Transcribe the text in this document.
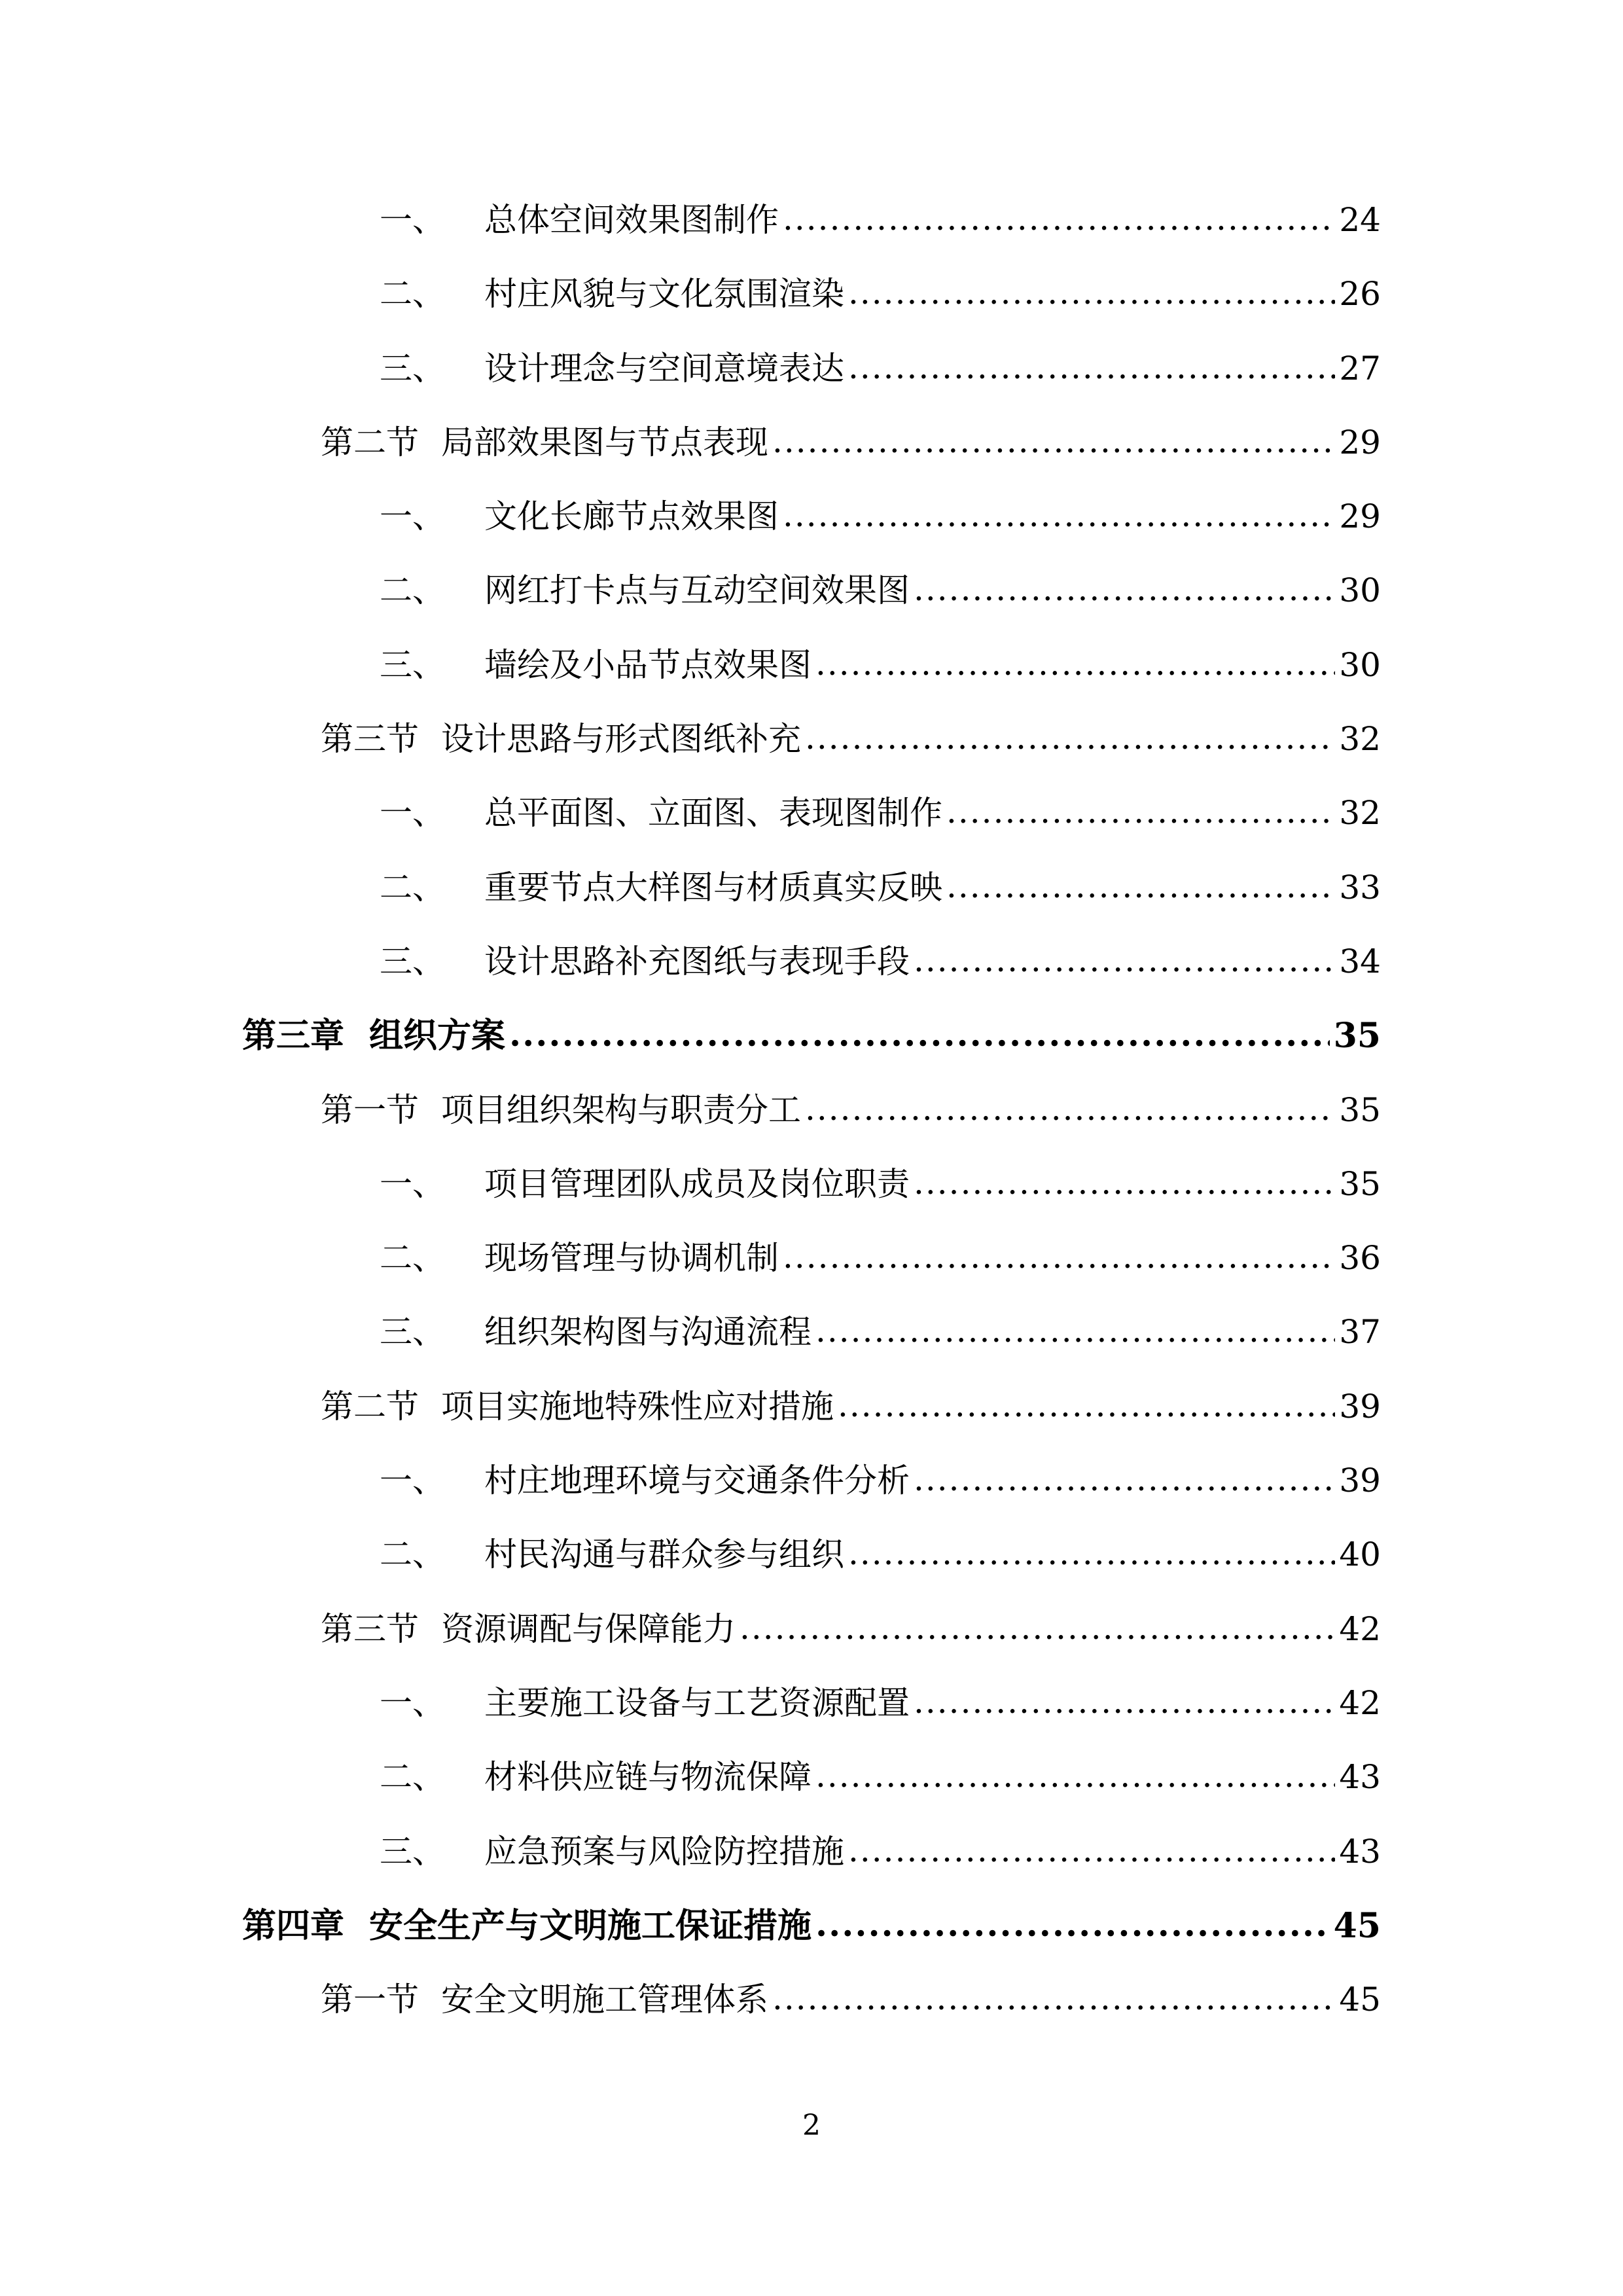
一、 总体空间效果图制作 .....	24
二、 村庄风貌与文化氛围渲染 .....	26
三、 设计理念与空间意境表达 .....	27
第二节 局部效果图与节点表现 .....	29
一、 文化长廊节点效果图 .....	29
二、 网红打卡点与互动空间效果图 .....	30
三、 墙绘及小品节点效果图 .....	30
第三节 设计思路与形式图纸补充 .....	32
一、 总平面图、立面图、表现图制作 .....	32
二、 重要节点大样图与材质真实反映 .....	33
三、 设计思路补充图纸与表现手段 .....	34
第三章 组织方案 .....	35
第一节 项目组织架构与职责分工 .....	35
一、 项目管理团队成员及岗位职责 .....	35
二、 现场管理与协调机制 .....	36
三、 组织架构图与沟通流程 .....	37
第二节 项目实施地特殊性应对措施 .....	39
一、 村庄地理环境与交通条件分析 .....	39
二、 村民沟通与群众参与组织 .....	40
第三节 资源调配与保障能力 .....	42
一、 主要施工设备与工艺资源配置 .....	42
二、 材料供应链与物流保障 .....	43
三、 应急预案与风险防控措施 .....	43
第四章 安全生产与文明施工保证措施 .....	45
第一节 安全文明施工管理体系 .....	45
2
